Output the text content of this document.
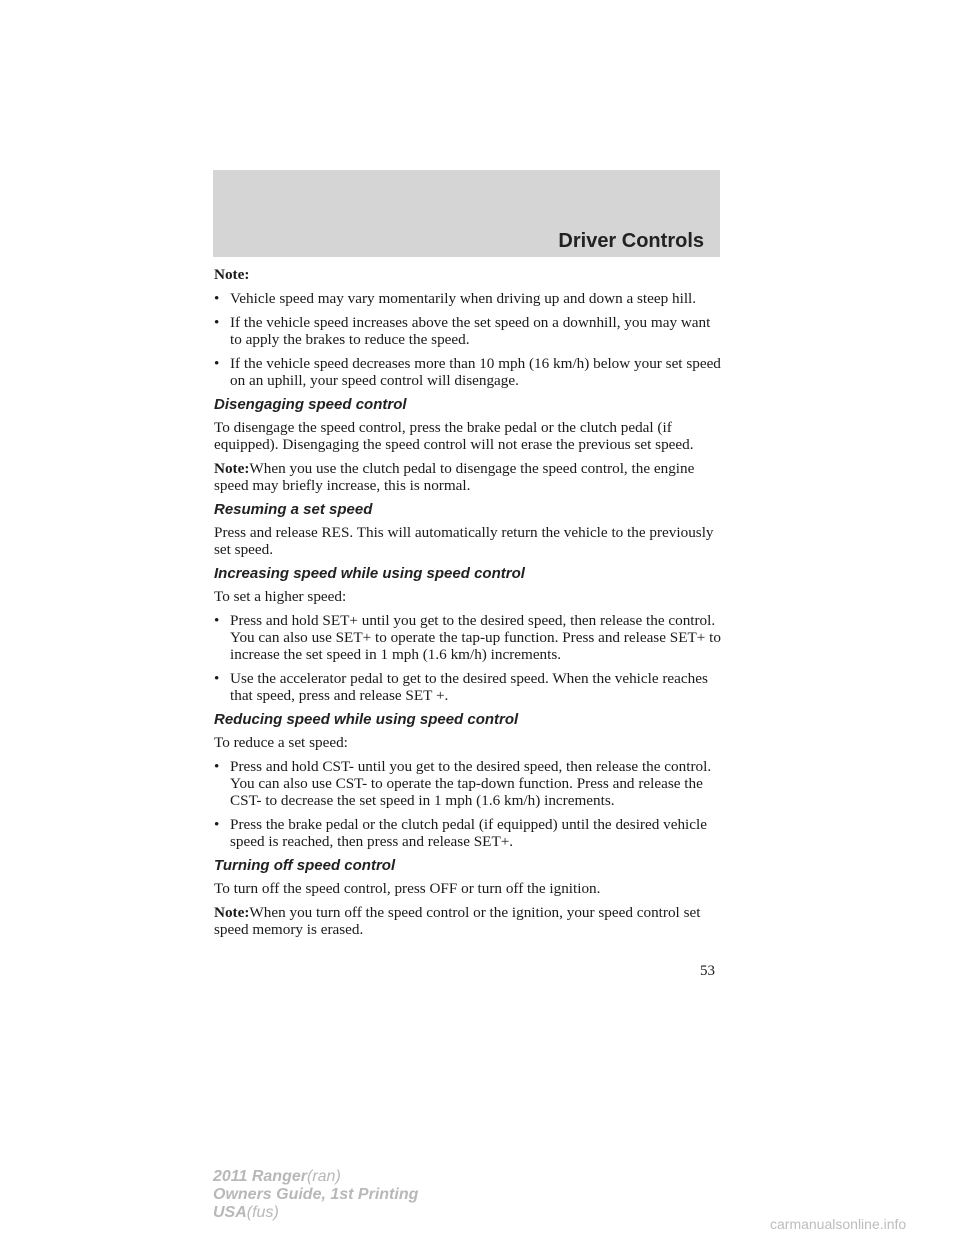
Driver Controls

Note:

• Vehicle speed may vary momentarily when driving up and down a steep hill.
• If the vehicle speed increases above the set speed on a downhill, you may want to apply the brakes to reduce the speed.
• If the vehicle speed decreases more than 10 mph (16 km/h) below your set speed on an uphill, your speed control will disengage.
Disengaging speed control

To disengage the speed control, press the brake pedal or the clutch pedal (if equipped). Disengaging the speed control will not erase the previous set speed.

Note:When you use the clutch pedal to disengage the speed control, the engine speed may briefly increase, this is normal.

Resuming a set speed

Press and release RES. This will automatically return the vehicle to the previously set speed.

Increasing speed while using speed control

To set a higher speed:

• Press and hold SET+ until you get to the desired speed, then release the control. You can also use SET+ to operate the tap-up function. Press and release SET+ to increase the set speed in 1 mph (1.6 km/h) increments.
• Use the accelerator pedal to get to the desired speed. When the vehicle reaches that speed, press and release SET +.
Reducing speed while using speed control

To reduce a set speed:

• Press and hold CST- until you get to the desired speed, then release the control. You can also use CST- to operate the tap-down function. Press and release the CST- to decrease the set speed in 1 mph (1.6 km/h) increments.
• Press the brake pedal or the clutch pedal (if equipped) until the desired vehicle speed is reached, then press and release SET+.
Turning off speed control

To turn off the speed control, press OFF or turn off the ignition.

Note:When you turn off the speed control or the ignition, your speed control set speed memory is erased.

53
2011 Ranger(ran)
Owners Guide, 1st Printing
USA(fus)
carmanualsonline.info
